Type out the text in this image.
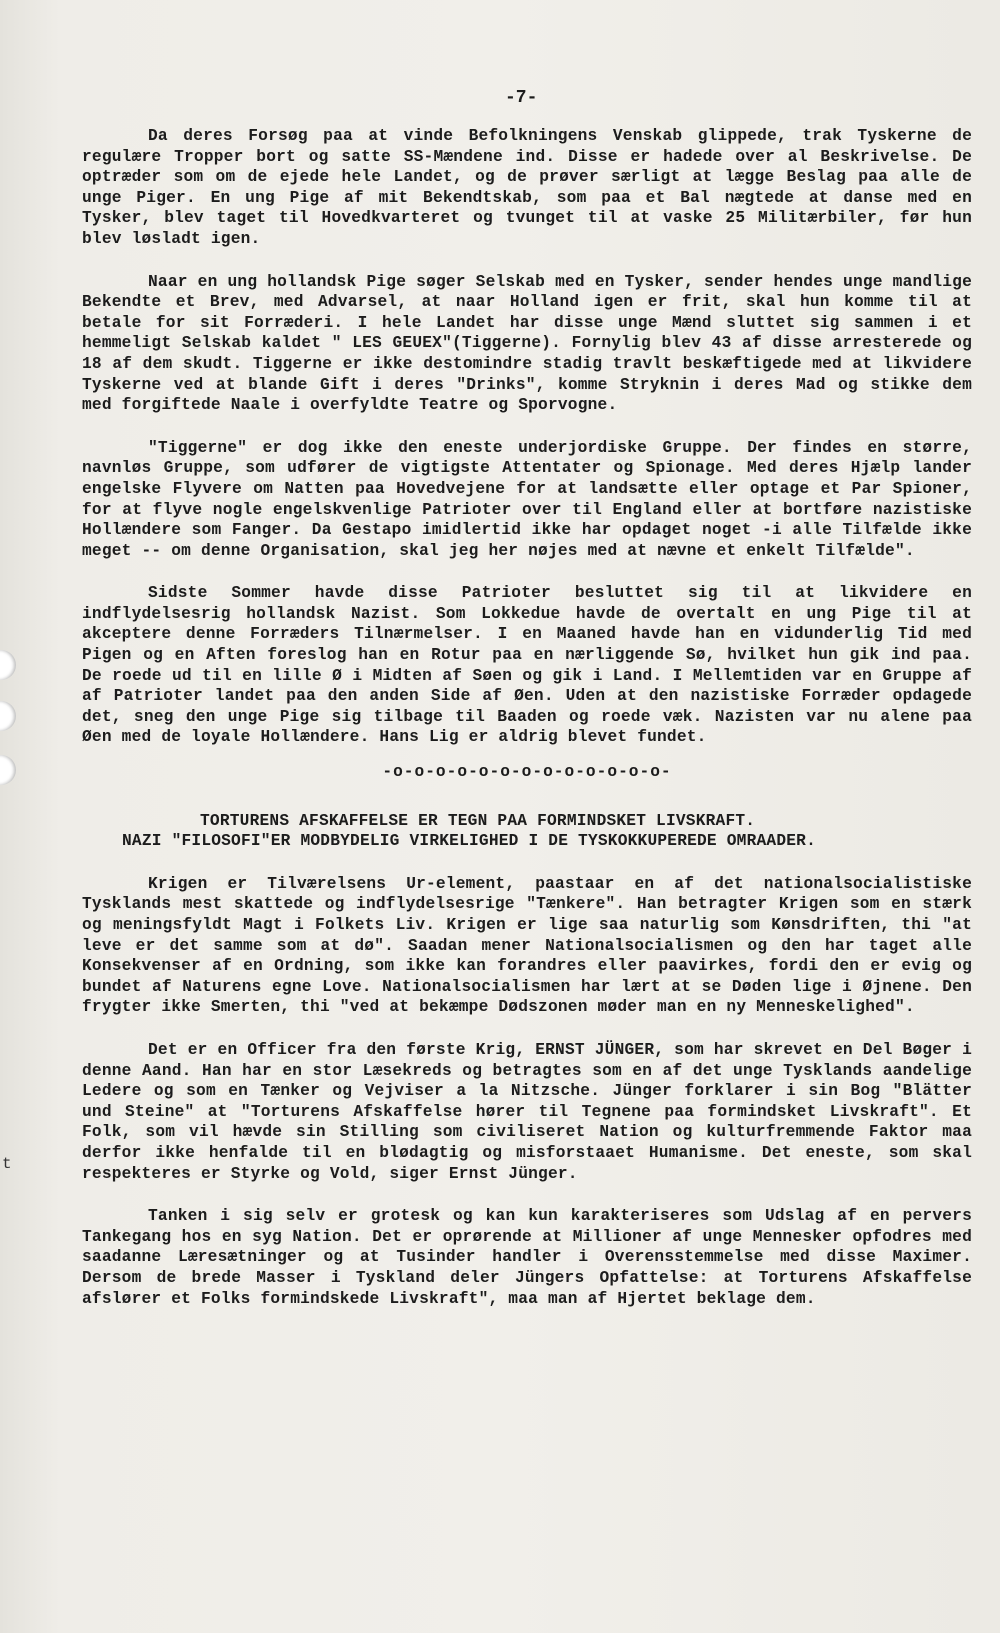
t
-7-

Da deres Forsøg paa at vinde Befolkningens Venskab glippede, trak Tyskerne de regulære Tropper bort og satte SS-Mændene ind. Disse er hadede over al Beskrivelse. De optræder som om de ejede hele Landet, og de prøver særligt at lægge Beslag paa alle de unge Piger. En ung Pige af mit Bekendtskab, som paa et Bal nægtede at danse med en Tysker, blev taget til Hovedkvarteret og tvunget til at vaske 25 Militærbiler, før hun blev løsladt igen.

Naar en ung hollandsk Pige søger Selskab med en Tysker, sender hendes unge mandlige Bekendte et Brev, med Advarsel, at naar Holland igen er frit, skal hun komme til at betale for sit Forræderi. I hele Landet har disse unge Mænd sluttet sig sammen i et hemmeligt Selskab kaldet " LES GEUEX"(Tiggerne). Fornylig blev 43 af disse arresterede og 18 af dem skudt. Tiggerne er ikke destomindre stadig travlt beskæftigede med at likvidere Tyskerne ved at blande Gift i deres "Drinks", komme Stryknin i deres Mad og stikke dem med forgiftede Naale i overfyldte Teatre og Sporvogne.

"Tiggerne" er dog ikke den eneste underjordiske Gruppe. Der findes en større, navnløs Gruppe, som udfører de vigtigste Attentater og Spionage. Med deres Hjælp lander engelske Flyvere om Natten paa Hovedvejene for at landsætte eller optage et Par Spioner, for at flyve nogle engelskvenlige Patrioter over til England eller at bortføre nazistiske Hollændere som Fanger. Da Gestapo imidlertid ikke har opdaget noget -i alle Tilfælde ikke meget -- om denne Organisation, skal jeg her nøjes med at nævne et enkelt Tilfælde".

Sidste Sommer havde disse Patrioter besluttet sig til at likvidere en indflydelsesrig hollandsk Nazist. Som Lokkedue havde de overtalt en ung Pige til at akceptere denne Forræders Tilnærmelser. I en Maaned havde han en vidunderlig Tid med Pigen og en Aften foreslog han en Rotur paa en nærliggende Sø, hvilket hun gik ind paa. De roede ud til en lille Ø i Midten af Søen og gik i Land. I Mellemtiden var en Gruppe af af Patrioter landet paa den anden Side af Øen. Uden at den nazistiske Forræder opdagede det, sneg den unge Pige sig tilbage til Baaden og roede væk. Nazisten var nu alene paa Øen med de loyale Hollændere. Hans Lig er aldrig blevet fundet.

-o-o-o-o-o-o-o-o-o-o-o-o-o-
TORTURENS AFSKAFFELSE ER TEGN PAA FORMINDSKET LIVSKRAFT.
NAZI "FILOSOFI"ER MODBYDELIG VIRKELIGHED I DE TYSKOKKUPEREDE OMRAADER.

Krigen er Tilværelsens Ur-element, paastaar en af det nationalsocialistiske Tysklands mest skattede og indflydelsesrige "Tænkere". Han betragter Krigen som en stærk og meningsfyldt Magt i Folkets Liv. Krigen er lige saa naturlig som Kønsdriften, thi "at leve er det samme som at dø". Saadan mener Nationalsocialismen og den har taget alle Konsekvenser af en Ordning, som ikke kan forandres eller paavirkes, fordi den er evig og bundet af Naturens egne Love. Nationalsocialismen har lært at se Døden lige i Øjnene. Den frygter ikke Smerten, thi "ved at bekæmpe Dødszonen møder man en ny Menneskelighed".

Det er en Officer fra den første Krig, ERNST JÜNGER, som har skrevet en Del Bøger i denne Aand. Han har en stor Læsekreds og betragtes som en af det unge Tysklands aandelige Ledere og som en Tænker og Vejviser a la Nitzsche. Jünger forklarer i sin Bog "Blätter und Steine" at "Torturens Afskaffelse hører til Tegnene paa formindsket Livskraft". Et Folk, som vil hævde sin Stilling som civiliseret Nation og kulturfremmende Faktor maa derfor ikke henfalde til en blødagtig og misforstaaet Humanisme. Det eneste, som skal respekteres er Styrke og Vold, siger Ernst Jünger.

Tanken i sig selv er grotesk og kan kun karakteriseres som Udslag af en pervers Tankegang hos en syg Nation. Det er oprørende at Millioner af unge Mennesker opfodres med saadanne Læresætninger og at Tusinder handler i Overensstemmelse med disse Maximer. Dersom de brede Masser i Tyskland deler Jüngers Opfattelse: at Torturens Afskaffelse afslører et Folks formindskede Livskraft", maa man af Hjertet beklage dem.
